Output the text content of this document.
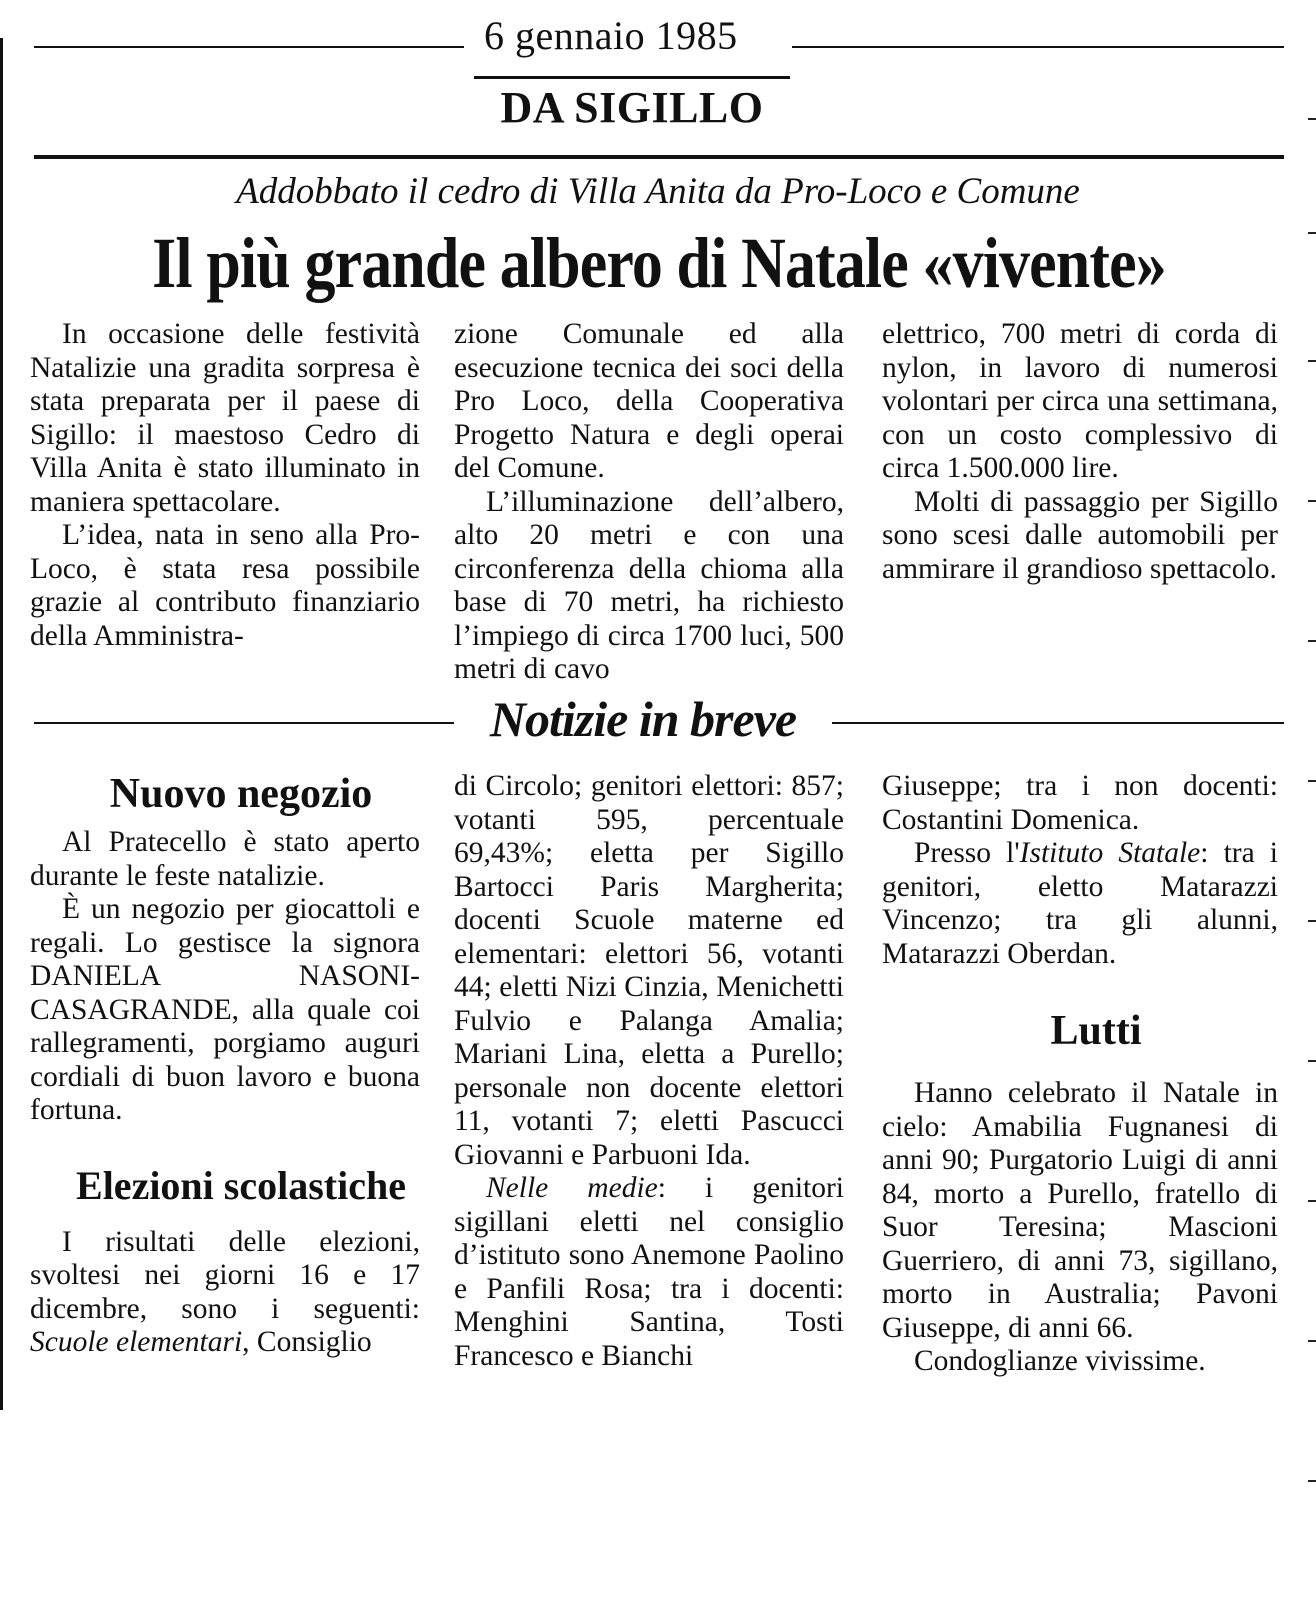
6 gennaio 1985
DA SIGILLO
Addobbato il cedro di Villa Anita da Pro-Loco e Comune
Il più grande albero di Natale «vivente»

In occasione delle festività Natalizie una gradita sorpresa è stata preparata per il paese di Sigillo: il maestoso Cedro di Villa Anita è stato illuminato in maniera spettacolare.

L’idea, nata in seno alla Pro-Loco, è stata resa possibile grazie al contributo finanziario della Amministra-

zione Comunale ed alla esecuzione tecnica dei soci della Pro Loco, della Cooperativa Progetto Natura e degli operai del Comune.

L’illuminazione dell’albero, alto 20 metri e con una circonferenza della chioma alla base di 70 metri, ha richiesto l’impiego di circa 1700 luci, 500 metri di cavo

elettrico, 700 metri di corda di nylon, in lavoro di numerosi volontari per circa una settimana, con un costo complessivo di circa 1.500.000 lire.

Molti di passaggio per Sigillo sono scesi dalle automobili per ammirare il grandioso spettacolo.

Notizie in breve

Nuovo negozio

Al Pratecello è stato aperto durante le feste natalizie.

È un negozio per giocattoli e regali. Lo gestisce la signora DANIELA NASONI-CASAGRANDE, alla quale coi rallegramenti, porgiamo auguri cordiali di buon lavoro e buona fortuna.

Elezioni scolastiche

I risultati delle elezioni, svoltesi nei giorni 16 e 17 dicembre, sono i seguenti: Scuole elementari, Consiglio

di Circolo; genitori elettori: 857; votanti 595, percentuale 69,43%; eletta per Sigillo Bartocci Paris Margherita; docenti Scuole materne ed elementari: elettori 56, votanti 44; eletti Nizi Cinzia, Menichetti Fulvio e Palanga Amalia; Mariani Lina, eletta a Purello; personale non docente elettori 11, votanti 7; eletti Pascucci Giovanni e Parbuoni Ida.

Nelle medie: i genitori sigillani eletti nel consiglio d’istituto sono Anemone Paolino e Panfili Rosa; tra i docenti: Menghini Santina, Tosti Francesco e Bianchi

Giuseppe; tra i non docenti: Costantini Domenica.

Presso l'Istituto Statale: tra i genitori, eletto Matarazzi Vincenzo; tra gli alunni, Matarazzi Oberdan.

Lutti

Hanno celebrato il Natale in cielo: Amabilia Fugnanesi di anni 90; Purgatorio Luigi di anni 84, morto a Purello, fratello di Suor Teresina; Mascioni Guerriero, di anni 73, sigillano, morto in Australia; Pavoni Giuseppe, di anni 66.

Condoglianze vivissime.
